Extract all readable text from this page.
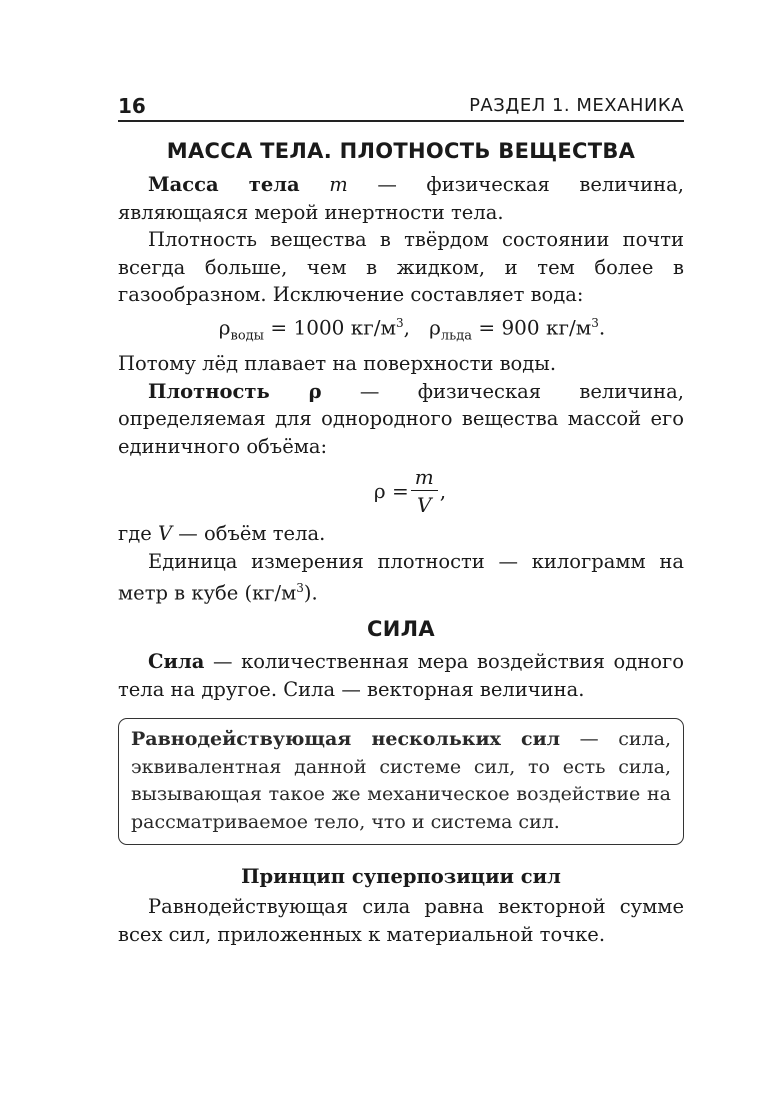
16	РАЗДЕЛ 1. МЕХАНИКА
МАССА ТЕЛА. ПЛОТНОСТЬ ВЕЩЕСТВА

Масса тела m — физическая величина, являющаяся мерой инертности тела.

Плотность вещества в твёрдом состоянии почти всегда больше, чем в жидком, и тем более в газообразном. Исключение составляет вода:

$\rho_{воды} = 1000$ $кг/м^3$,   $\rho_{льда} = 900$ $кг/м^3$.

Потому лёд плавает на поверхности воды.

Плотность ρ — физическая величина, определяемая для однородного вещества массой его единичного объёма:

$\rho = \frac{m}{V}$ ,

где V — объём тела.

Единица измерения плотности — килограмм на метр в кубе $(кг/м^3)$.

СИЛА

Сила — количественная мера воздействия одного тела на другое. Сила — векторная величина.

Равнодействующая нескольких сил — сила, эквивалентная данной системе сил, то есть сила, вызывающая такое же механическое воздействие на рассматриваемое тело, что и система сил.

Принцип суперпозиции сил

Равнодействующая сила равна векторной сумме всех сил, приложенных к материальной точке.
